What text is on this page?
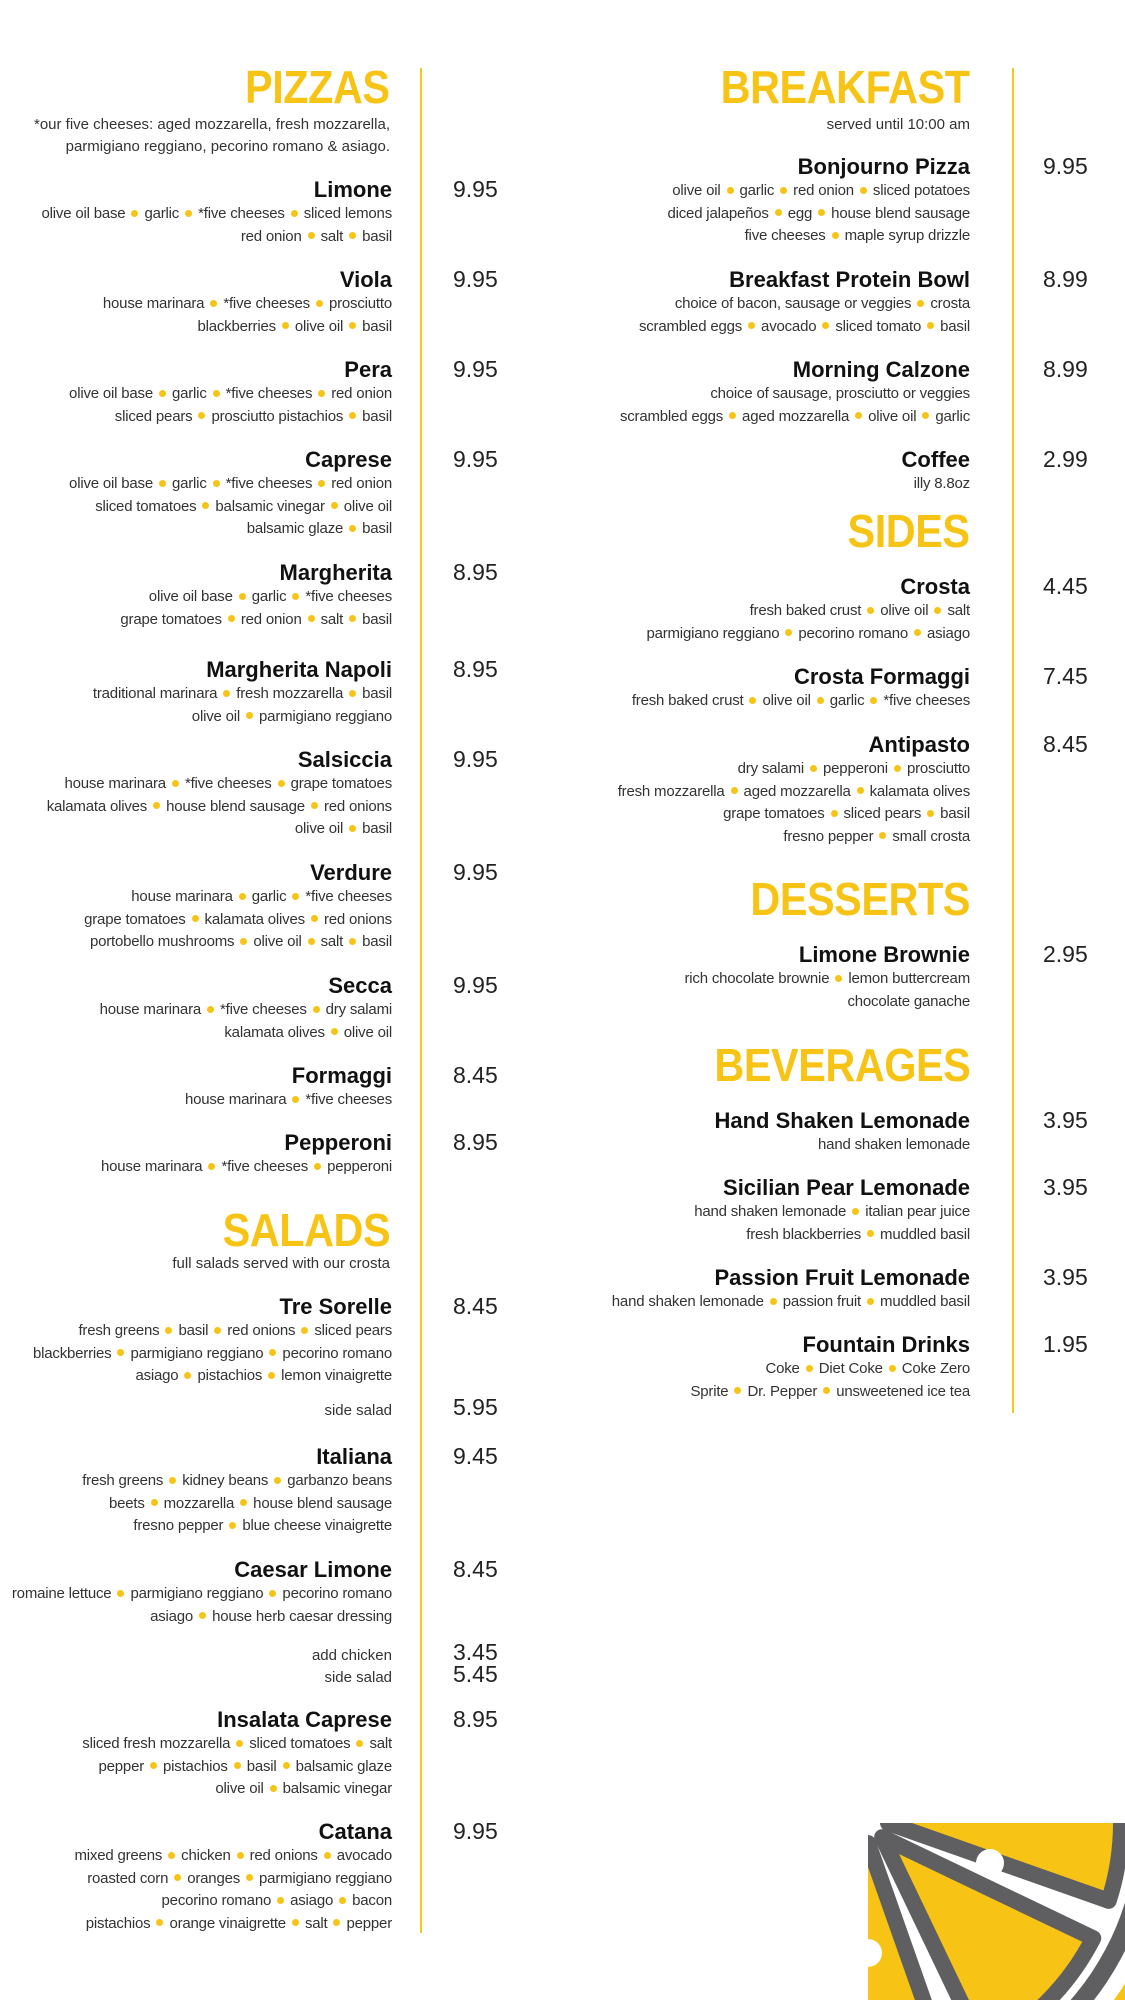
PIZZAS
*our five cheeses: aged mozzarella, fresh mozzarella,
parmigiano reggiano, pecorino romano & asiago.
SALADS
full salads served with our crosta
BREAKFAST
served until 10:00 am
SIDES
DESSERTS
BEVERAGES
Limone
olive oil base garlic *five cheeses sliced lemons
red onion salt basil
9.95
Viola
house marinara *five cheeses prosciutto
blackberries olive oil basil
9.95
Pera
olive oil base garlic *five cheeses red onion
sliced pears prosciutto pistachios basil
9.95
Caprese
olive oil base garlic *five cheeses red onion
sliced tomatoes balsamic vinegar olive oil
balsamic glaze basil
9.95
Margherita
olive oil base garlic *five cheeses
grape tomatoes red onion salt basil
8.95
Margherita Napoli
traditional marinara fresh mozzarella basil
olive oil parmigiano reggiano
8.95
Salsiccia
house marinara *five cheeses grape tomatoes
kalamata olives house blend sausage red onions
olive oil basil
9.95
Verdure
house marinara garlic *five cheeses
grape tomatoes kalamata olives red onions
portobello mushrooms olive oil salt basil
9.95
Secca
house marinara *five cheeses dry salami
kalamata olives olive oil
9.95
Formaggi
house marinara *five cheeses
8.45
Pepperoni
house marinara *five cheeses pepperoni
8.95
Tre Sorelle
fresh greens basil red onions sliced pears
blackberries parmigiano reggiano pecorino romano
asiago pistachios lemon vinaigrette
8.45
Italiana
fresh greens kidney beans garbanzo beans
beets mozzarella house blend sausage
fresno pepper blue cheese vinaigrette
9.45
Caesar Limone
romaine lettuce parmigiano reggiano pecorino romano
asiago house herb caesar dressing
8.45
Insalata Caprese
sliced fresh mozzarella sliced tomatoes salt
pepper pistachios basil balsamic glaze
olive oil balsamic vinegar
8.95
Catana
mixed greens chicken red onions avocado
roasted corn oranges parmigiano reggiano
pecorino romano asiago bacon
pistachios orange vinaigrette salt pepper
9.95
side salad	5.95
add chicken	3.45
side salad	5.45
Bonjourno Pizza
olive oil garlic red onion sliced potatoes
diced jalapeños egg house blend sausage
five cheeses maple syrup drizzle
9.95
Breakfast Protein Bowl
choice of bacon, sausage or veggies crosta
scrambled eggs avocado sliced tomato basil
8.99
Morning Calzone
choice of sausage, prosciutto or veggies
scrambled eggs aged mozzarella olive oil garlic
8.99
Coffee
illy 8.8oz
2.99
Crosta
fresh baked crust olive oil salt
parmigiano reggiano pecorino romano asiago
4.45
Crosta Formaggi
fresh baked crust olive oil garlic *five cheeses
7.45
Antipasto
dry salami pepperoni prosciutto
fresh mozzarella aged mozzarella kalamata olives
grape tomatoes sliced pears basil
fresno pepper small crosta
8.45
Limone Brownie
rich chocolate brownie lemon buttercream
chocolate ganache
2.95
Hand Shaken Lemonade
hand shaken lemonade
3.95
Sicilian Pear Lemonade
hand shaken lemonade italian pear juice
fresh blackberries muddled basil
3.95
Passion Fruit Lemonade
hand shaken lemonade passion fruit muddled basil
3.95
Fountain Drinks
Coke Diet Coke Coke Zero
Sprite Dr. Pepper unsweetened ice tea
1.95
